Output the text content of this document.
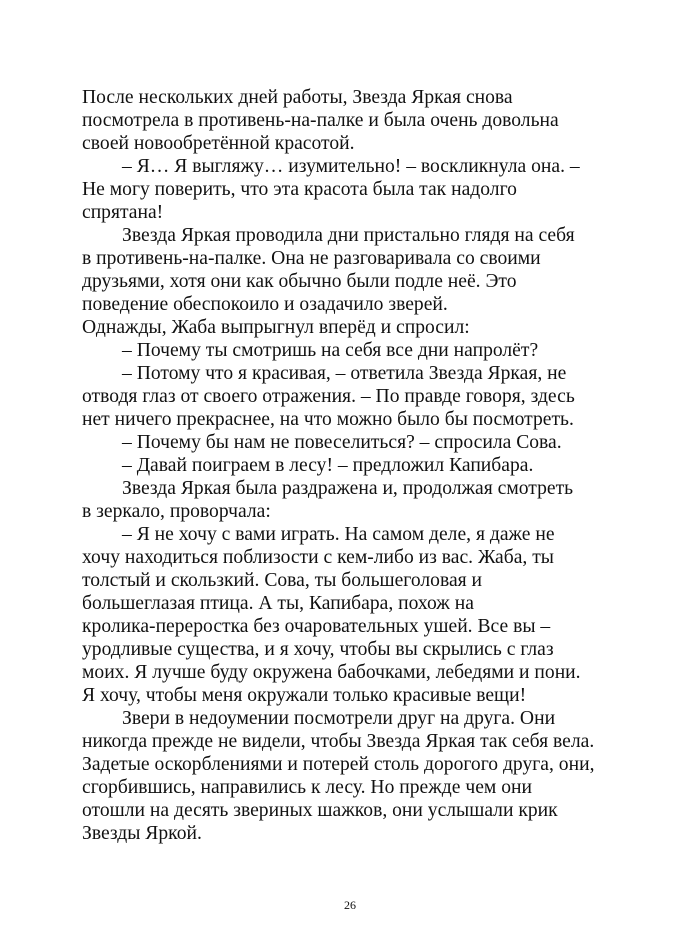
После нескольких дней работы, Звезда Яркая снова
посмотрела в противень-на-палке и была очень довольна
своей новообретённой красотой.
– Я… Я выгляжу… изумительно! – воскликнула она. –
Не могу поверить, что эта красота была так надолго
спрятана!
Звезда Яркая проводила дни пристально глядя на себя
в противень-на-палке. Она не разговаривала со своими
друзьями, хотя они как обычно были подле неё. Это
поведение обеспокоило и озадачило зверей.
Однажды, Жаба выпрыгнул вперёд и спросил:
– Почему ты смотришь на себя все дни напролёт?
– Потому что я красивая, – ответила Звезда Яркая, не
отводя глаз от своего отражения. – По правде говоря, здесь
нет ничего прекраснее, на что можно было бы посмотреть.
– Почему бы нам не повеселиться? – спросила Сова.
– Давай поиграем в лесу! – предложил Капибара.
Звезда Яркая была раздражена и, продолжая смотреть
в зеркало, проворчала:
– Я не хочу с вами играть. На самом деле, я даже не
хочу находиться поблизости с кем-либо из вас. Жаба, ты
толстый и скользкий. Сова, ты большеголовая и
большеглазая птица. А ты, Капибара, похож на
кролика-переростка без очаровательных ушей. Все вы –
уродливые существа, и я хочу, чтобы вы скрылись с глаз
моих. Я лучше буду окружена бабочками, лебедями и пони.
Я хочу, чтобы меня окружали только красивые вещи!
Звери в недоумении посмотрели друг на друга. Они
никогда прежде не видели, чтобы Звезда Яркая так себя вела.
Задетые оскорблениями и потерей столь дорогого друга, они,
сгорбившись, направились к лесу. Но прежде чем они
отошли на десять звериных шажков, они услышали крик
Звезды Яркой.
26
